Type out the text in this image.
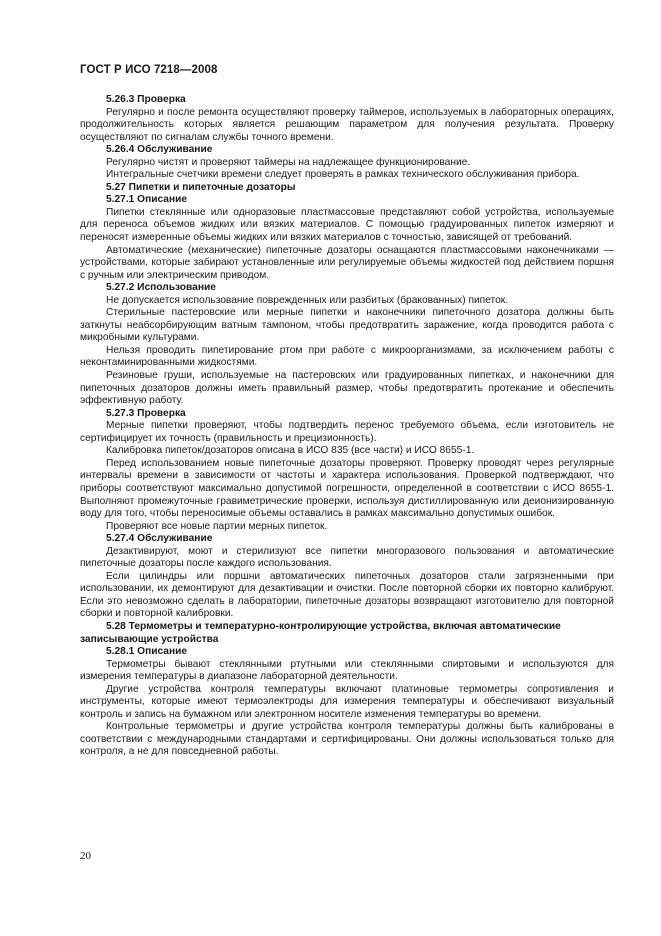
ГОСТ Р ИСО 7218—2008

5.26.3 Проверка

Регулярно и после ремонта осуществляют проверку таймеров, используемых в лабораторных операциях, продолжительность которых является решающим параметром для получения результата. Проверку осуществляют по сигналам службы точного времени.

5.26.4 Обслуживание

Регулярно чистят и проверяют таймеры на надлежащее функционирование.

Интегральные счетчики времени следует проверять в рамках технического обслуживания прибора.

5.27 Пипетки и пипеточные дозаторы

5.27.1 Описание

Пипетки стеклянные или одноразовые пластмассовые представляют собой устройства, используемые для переноса объемов жидких или вязких материалов. С помощью градуированных пипеток измеряют и переносят измеренные объемы жидких или вязких материалов с точностью, зависящей от требований.

Автоматические (механические) пипеточные дозаторы оснащаются пластмассовыми наконечниками — устройствами, которые забирают установленные или регулируемые объемы жидкостей под действием поршня с ручным или электрическим приводом.

5.27.2 Использование

Не допускается использование поврежденных или разбитых (бракованных) пипеток.

Стерильные пастеровские или мерные пипетки и наконечники пипеточного дозатора должны быть заткнуты неабсорбирующим ватным тампоном, чтобы предотвратить заражение, когда проводится работа с микробными культурами.

Нельзя проводить пипетирование ртом при работе с микроорганизмами, за исключением работы с неконтаминированными жидкостями.

Резиновые груши, используемые на пастеровских или градуированных пипетках, и наконечники для пипеточных дозаторов должны иметь правильный размер, чтобы предотвратить протекание и обеспечить эффективную работу.

5.27.3 Проверка

Мерные пипетки проверяют, чтобы подтвердить перенос требуемого объема, если изготовитель не сертифицирует их точность (правильность и прецизионность).

Калибровка пипеток/дозаторов описана в ИСО 835 (все части) и ИСО 8655-1.

Перед использованием новые пипеточные дозаторы проверяют. Проверку проводят через регулярные интервалы времени в зависимости от частоты и характера использования. Проверкой подтверждают, что приборы соответствуют максимально допустимой погрешности, определенной в соответствии с ИСО 8655-1. Выполняют промежуточные гравиметрические проверки, используя дистиллированную или деионизированную воду для того, чтобы переносимые объемы оставались в рамках максимально допустимых ошибок.

Проверяют все новые партии мерных пипеток.

5.27.4 Обслуживание

Дезактивируют, моют и стерилизуют все пипетки многоразового пользования и автоматические пипеточные дозаторы после каждого использования.

Если цилиндры или поршни автоматических пипеточных дозаторов стали загрязненными при использовании, их демонтируют для дезактивации и очистки. После повторной сборки их повторно калибруют. Если это невозможно сделать в лаборатории, пипеточные дозаторы возвращают изготовителю для повторной сборки и повторной калибровки.

5.28 Термометры и температурно-контролирующие устройства, включая автоматические записывающие устройства

5.28.1 Описание

Термометры бывают стеклянными ртутными или стеклянными спиртовыми и используются для измерения температуры в диапазоне лабораторной деятельности.

Другие устройства контроля температуры включают платиновые термометры сопротивления и инструменты, которые имеют термоэлектроды для измерения температуры и обеспечивают визуальный контроль и запись на бумажном или электронном носителе изменения температуры во времени.

Контрольные термометры и другие устройства контроля температуры должны быть калиброваны в соответствии с международными стандартами и сертифицированы. Они должны использоваться только для контроля, а не для повседневной работы.

20
